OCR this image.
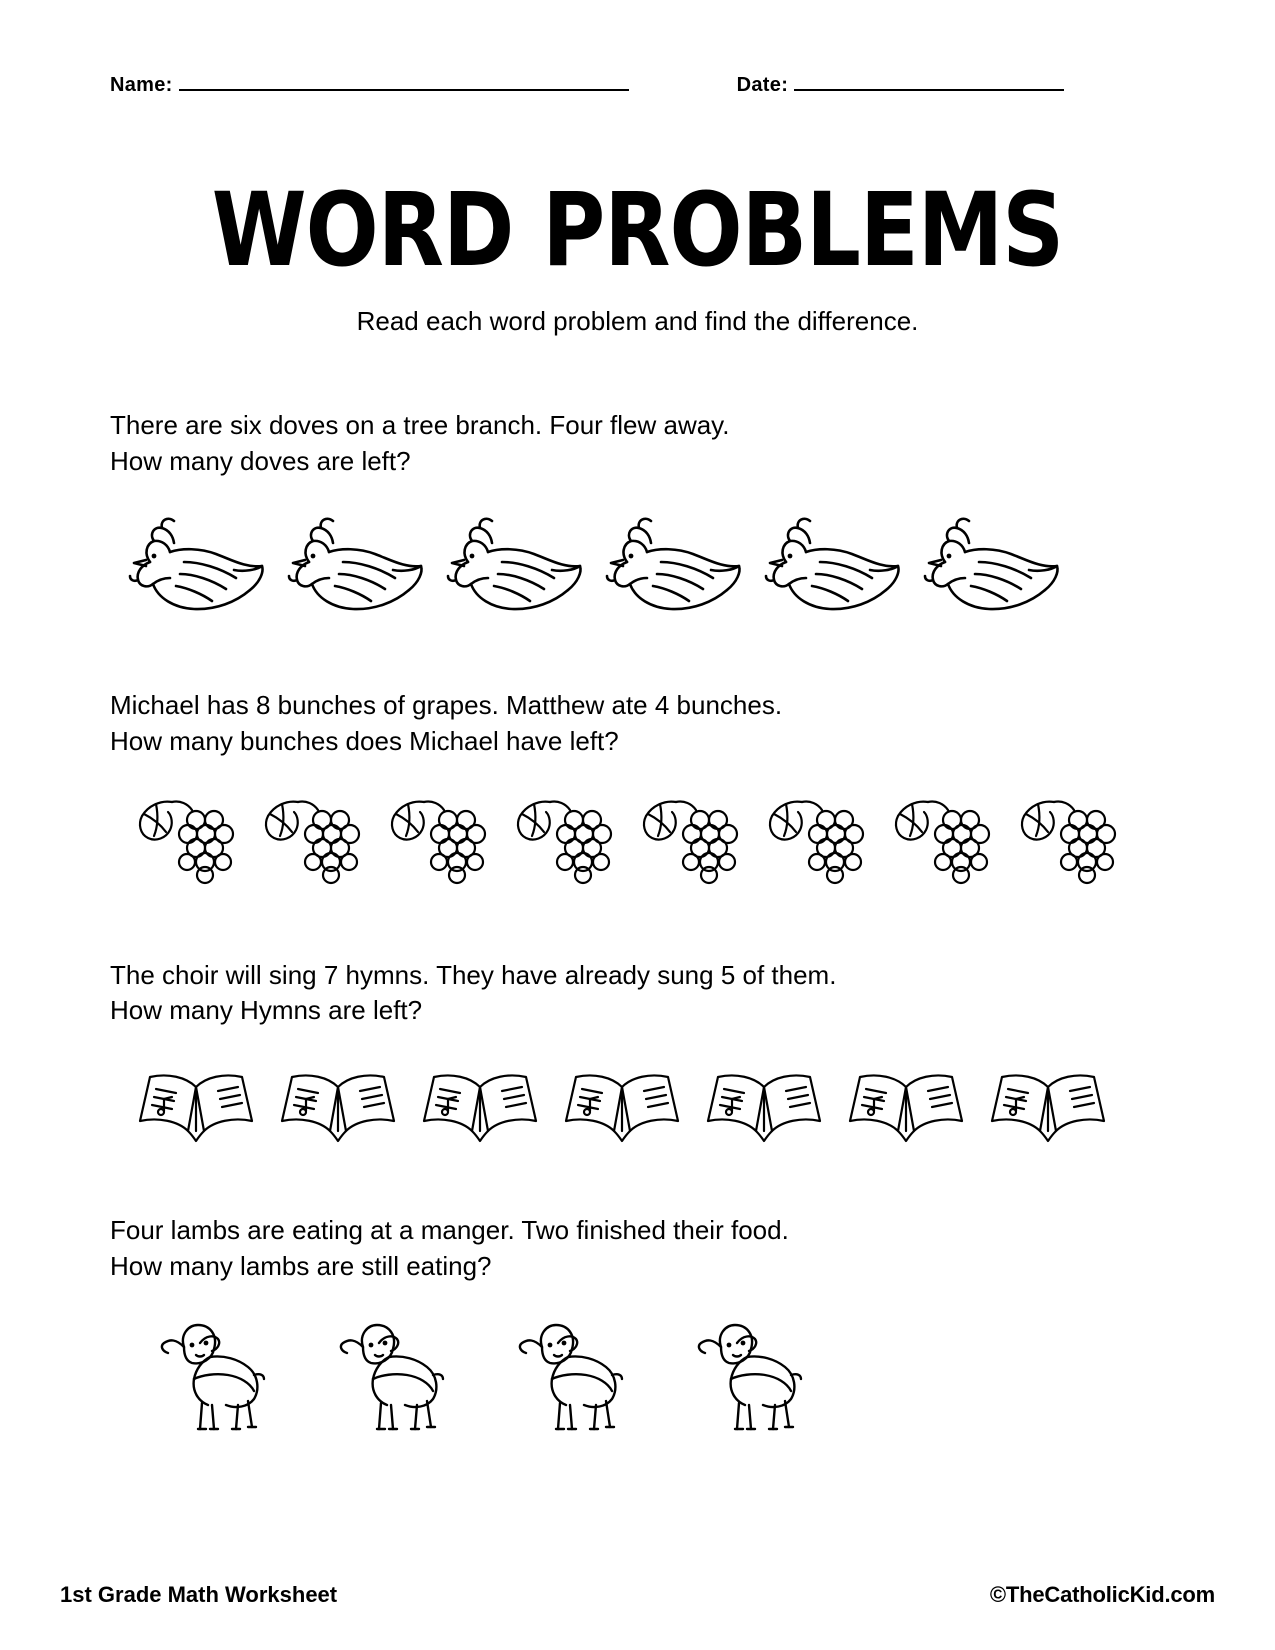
Name:	Date:
WORD PROBLEMS
Read each word problem and find the difference.
There are six doves on a tree branch. Four flew away.
How many doves are left?
Michael has 8 bunches of grapes. Matthew ate 4 bunches.
How many bunches does Michael have left?
The choir will sing 7 hymns. They have already sung 5 of them.
How many Hymns are left?
Four lambs are eating at a manger. Two finished their food.
How many lambs are still eating?
1st Grade Math Worksheet	©TheCatholicKid.com
